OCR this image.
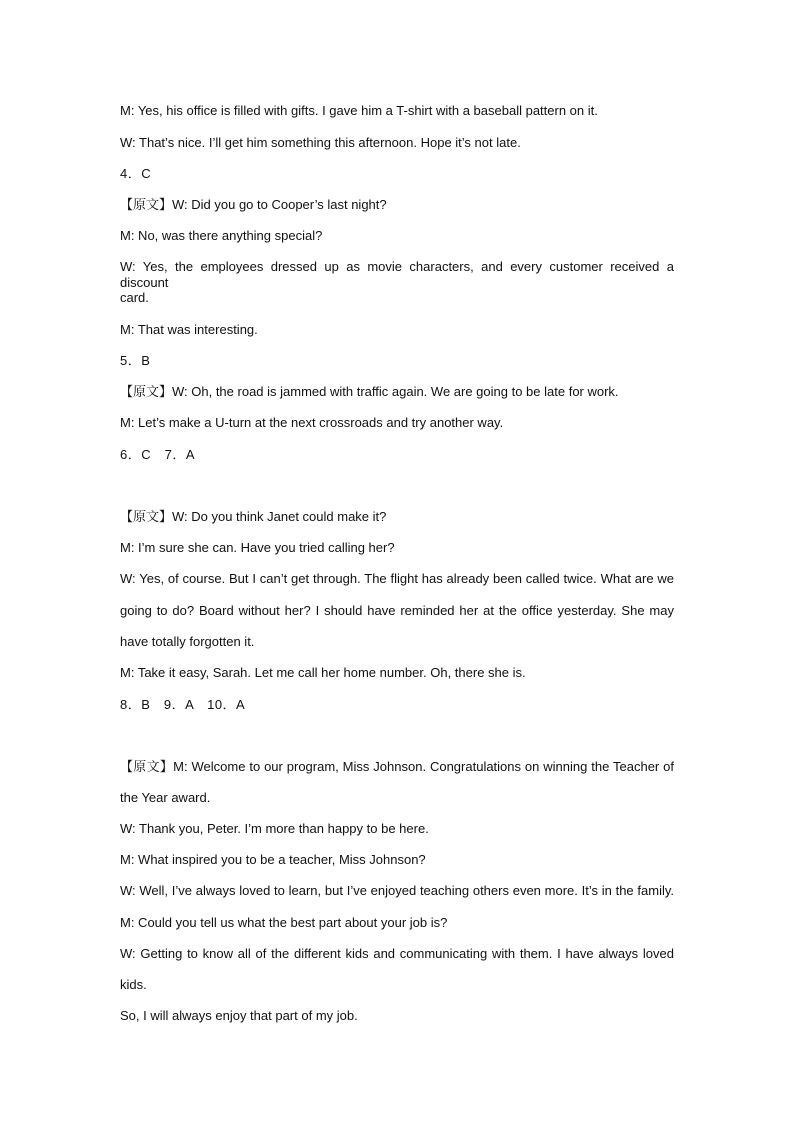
M: Yes, his office is filled with gifts. I gave him a T-shirt with a baseball pattern on it.
W: That’s nice. I’ll get him something this afternoon. Hope it’s not late.
4．C
【原文】W: Did you go to Cooper’s last night?
M: No, was there anything special?
W: Yes, the employees dressed up as movie characters, and every customer received a discount
card.
M: That was interesting.
5．B
【原文】W: Oh, the road is jammed with traffic again. We are going to be late for work.
M: Let’s make a U-turn at the next crossroads and try another way.
6．C　7．A
【原文】W: Do you think Janet could make it?
M: I’m sure she can. Have you tried calling her?
W: Yes, of course. But I can’t get through. The flight has already been called twice. What are we
going to do? Board without her? I should have reminded her at the office yesterday. She may
have totally forgotten it.
M: Take it easy, Sarah. Let me call her home number. Oh, there she is.
8．B　9．A　10．A
【原文】M: Welcome to our program, Miss Johnson. Congratulations on winning the Teacher of
the Year award.
W: Thank you, Peter. I’m more than happy to be here.
M: What inspired you to be a teacher, Miss Johnson?
W: Well, I’ve always loved to learn, but I’ve enjoyed teaching others even more. It’s in the family.
M: Could you tell us what the best part about your job is?
W: Getting to know all of the different kids and communicating with them. I have always loved
kids.
So, I will always enjoy that part of my job.
